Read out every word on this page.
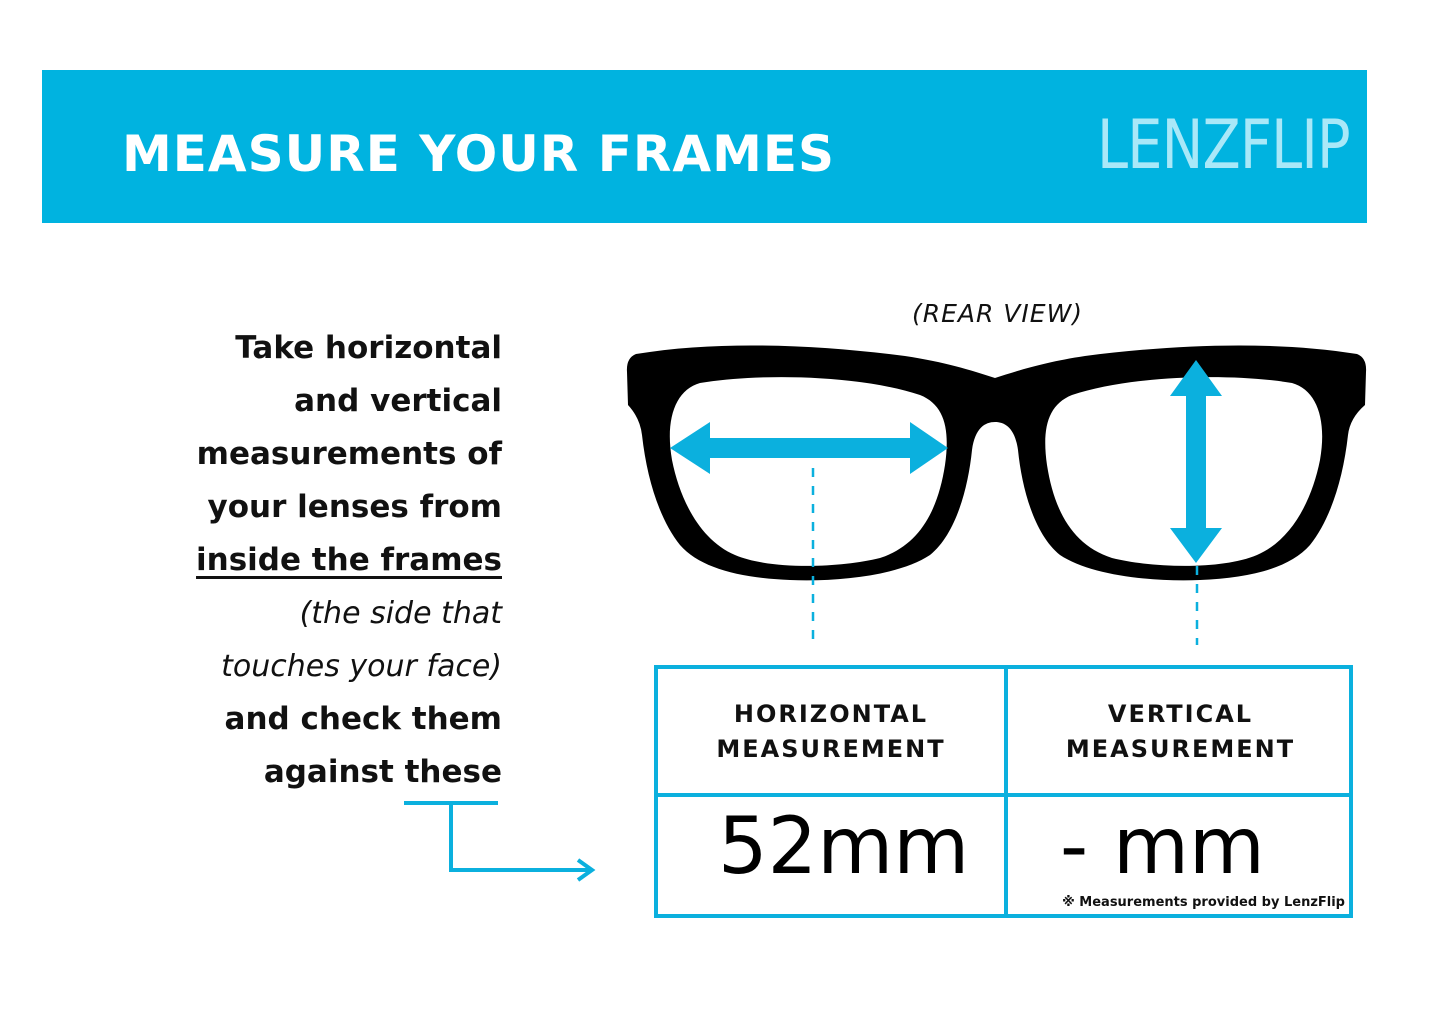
MEASURE YOUR FRAMES	LENZFLIP
Take horizontal
and vertical
measurements of
your lenses from
inside the frames
(the side that
touches your face)
and check them
against these
(REAR VIEW)
HORIZONTAL
MEASUREMENT
VERTICAL
MEASUREMENT
52mm - mm
※ Measurements provided by LenzFlip
